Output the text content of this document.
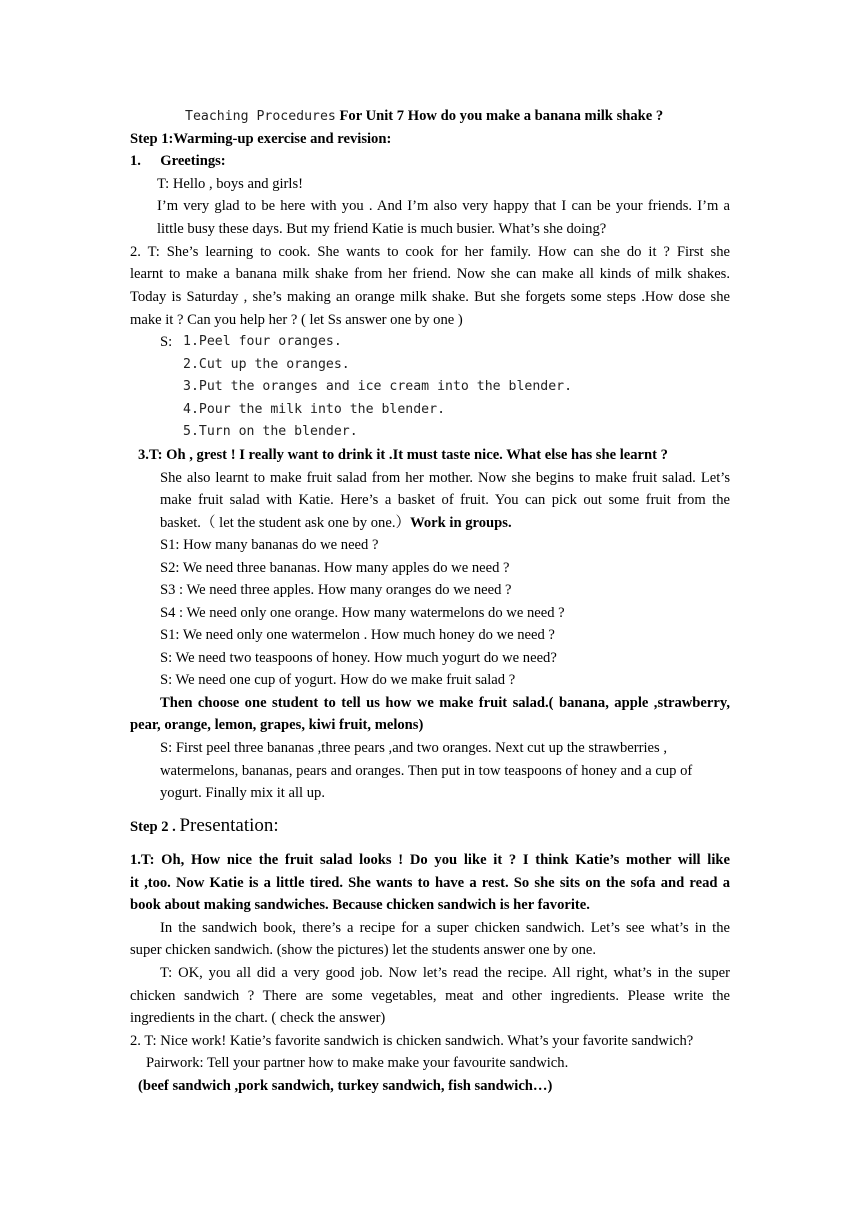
Teaching Procedures For Unit 7 How do you make a banana milk shake ?
Step 1:Warming-up exercise and revision:
1. Greetings:
T: Hello , boys and girls!
I’m very glad to be here with you . And I’m also very happy that I can be your friends. I’m a
little busy these days. But my friend Katie is much busier. What’s she doing?
2. T: She’s learning to cook. She wants to cook for her family. How can she do it ? First she
learnt to make a banana milk shake from her friend. Now she can make all kinds of milk shakes.
Today is Saturday , she’s making an orange milk shake. But she forgets some steps .How dose she
make it ? Can you help her ? ( let Ss answer one by one )
S: 1.Peel four oranges.
2.Cut up the oranges.
3.Put the oranges and ice cream into the blender.
4.Pour the milk into the blender.
5.Turn on the blender.
3.T: Oh , grest ! I really want to drink it .It must taste nice. What else has she learnt ?
She also learnt to make fruit salad from her mother. Now she begins to make fruit salad. Let’s
make fruit salad with Katie. Here’s a basket of fruit. You can pick out some fruit from the
basket.（ let the student ask one by one.）Work in groups.
S1: How many bananas do we need ?
S2: We need three bananas. How many apples do we need ?
S3 : We need three apples. How many oranges do we need ?
S4 : We need only one orange. How many watermelons do we need ?
S1: We need only one watermelon . How much honey do we need ?
S: We need two teaspoons of honey. How much yogurt do we need?
S: We need one cup of yogurt. How do we make fruit salad ?
Then choose one student to tell us how we make fruit salad.( banana, apple ,strawberry,
pear, orange, lemon, grapes, kiwi fruit, melons)
S: First peel three bananas ,three pears ,and two oranges. Next cut up the strawberries ,
watermelons, bananas, pears and oranges. Then put in tow teaspoons of honey and a cup of
yogurt. Finally mix it all up.
Step 2 . Presentation:
1.T: Oh, How nice the fruit salad looks ! Do you like it ? I think Katie’s mother will like
it ,too. Now Katie is a little tired. She wants to have a rest. So she sits on the sofa and read a
book about making sandwiches. Because chicken sandwich is her favorite.
In the sandwich book, there’s a recipe for a super chicken sandwich. Let’s see what’s in the
super chicken sandwich. (show the pictures) let the students answer one by one.
T: OK, you all did a very good job. Now let’s read the recipe. All right, what’s in the super
chicken sandwich ? There are some vegetables, meat and other ingredients. Please write the
ingredients in the chart. ( check the answer)
2. T: Nice work! Katie’s favorite sandwich is chicken sandwich. What’s your favorite sandwich?
Pairwork: Tell your partner how to make make your favourite sandwich.
(beef sandwich ,pork sandwich, turkey sandwich, fish sandwich…)
